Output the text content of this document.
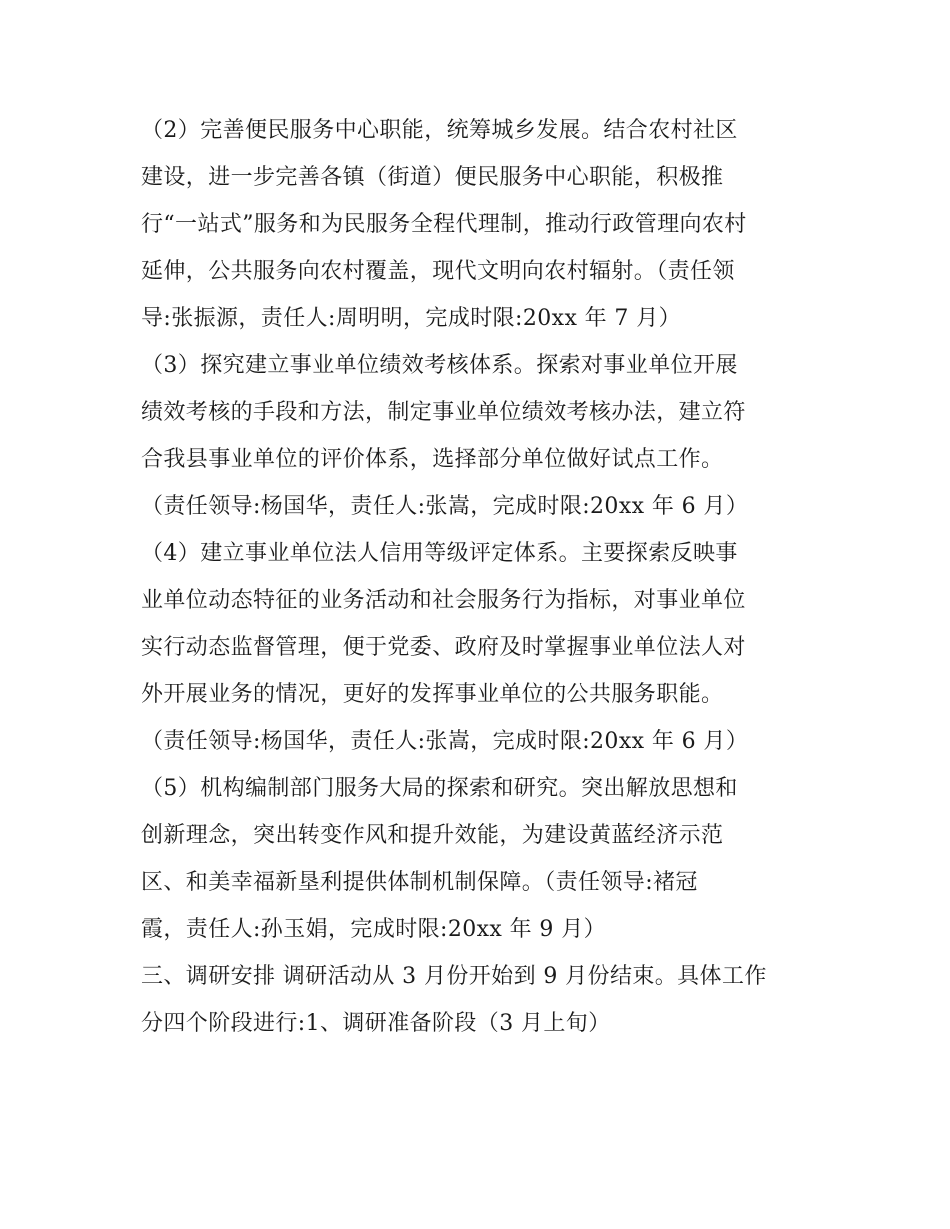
（2）完善便民服务中心职能，统筹城乡发展。结合农村社区
建设，进一步完善各镇（街道）便民服务中心职能，积极推
行“一站式”服务和为民服务全程代理制，推动行政管理向农村
延伸，公共服务向农村覆盖，现代文明向农村辐射。（责任领
导:张振源，责任人:周明明，完成时限:20xx 年 7 月）
（3）探究建立事业单位绩效考核体系。探索对事业单位开展
绩效考核的手段和方法，制定事业单位绩效考核办法，建立符
合我县事业单位的评价体系，选择部分单位做好试点工作。
（责任领导:杨国华，责任人:张嵩，完成时限:20xx 年 6 月）
（4）建立事业单位法人信用等级评定体系。主要探索反映事
业单位动态特征的业务活动和社会服务行为指标，对事业单位
实行动态监督管理，便于党委、政府及时掌握事业单位法人对
外开展业务的情况，更好的发挥事业单位的公共服务职能。
（责任领导:杨国华，责任人:张嵩，完成时限:20xx 年 6 月）
（5）机构编制部门服务大局的探索和研究。突出解放思想和
创新理念，突出转变作风和提升效能，为建设黄蓝经济示范
区、和美幸福新垦利提供体制机制保障。（责任领导:褚冠
霞，责任人:孙玉娟，完成时限:20xx 年 9 月）
三、调研安排 调研活动从 3 月份开始到 9 月份结束。具体工作
分四个阶段进行:1、调研准备阶段（3 月上旬）
